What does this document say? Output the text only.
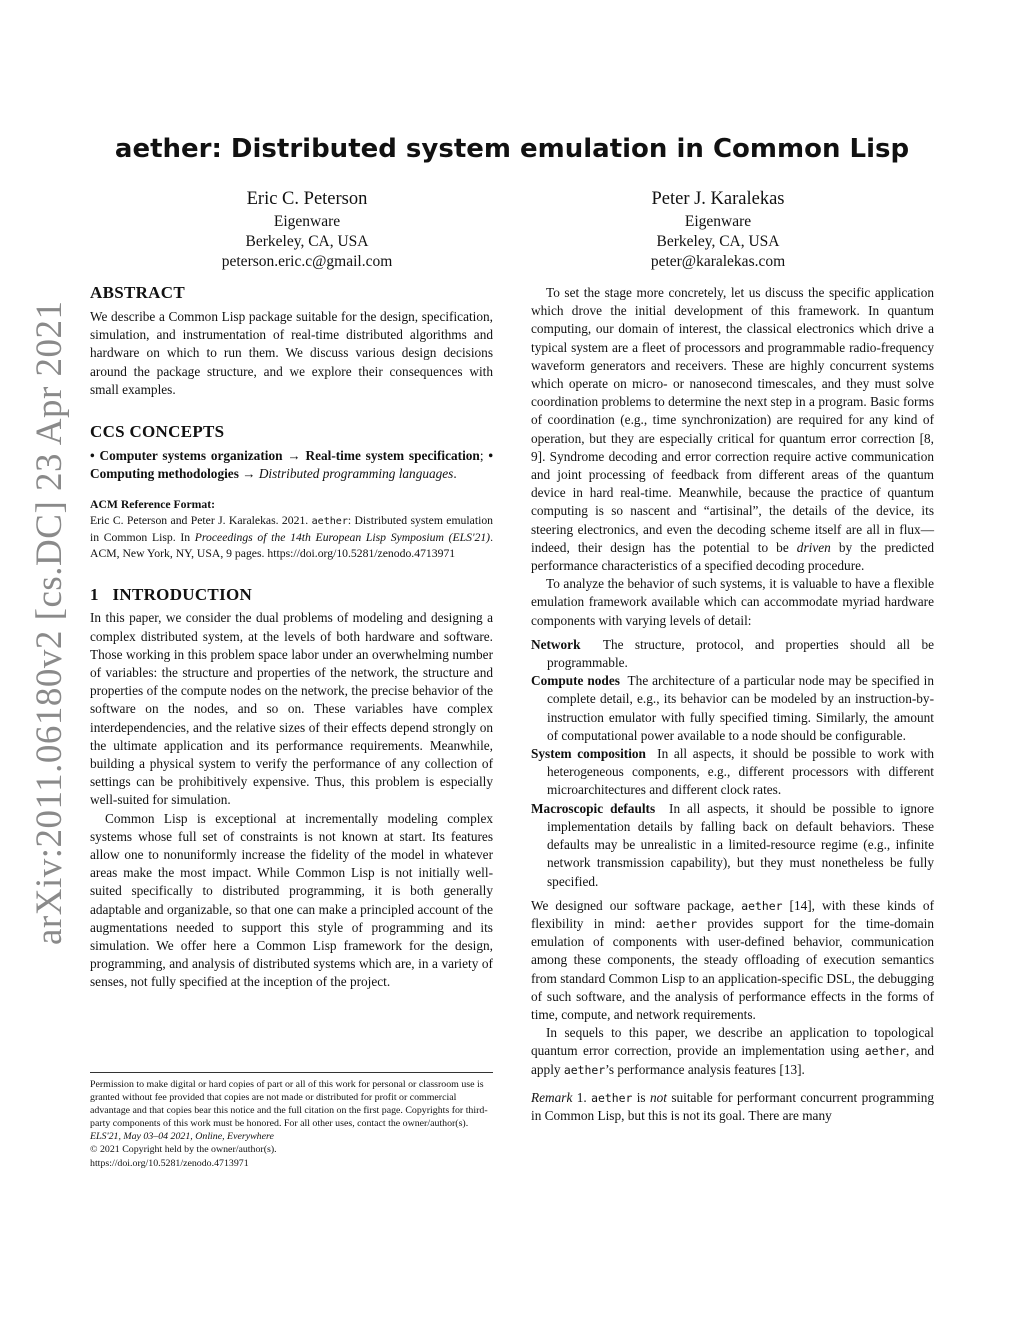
arXiv:2011.06180v2 [cs.DC] 23 Apr 2021
aether: Distributed system emulation in Common Lisp
Eric C. Peterson
Eigenware
Berkeley, CA, USA
peterson.eric.c@gmail.com
Peter J. Karalekas
Eigenware
Berkeley, CA, USA
peter@karalekas.com
ABSTRACT

We describe a Common Lisp package suitable for the design, specification, simulation, and instrumentation of real-time distributed algorithms and hardware on which to run them. We discuss various design decisions around the package structure, and we explore their consequences with small examples.

CCS CONCEPTS

• Computer systems organization → Real-time system specification; • Computing methodologies → Distributed programming languages.

ACM Reference Format:

Eric C. Peterson and Peter J. Karalekas. 2021. aether: Distributed system emulation in Common Lisp. In Proceedings of the 14th European Lisp Symposium (ELS'21). ACM, New York, NY, USA, 9 pages. https://doi.org/10.5281/zenodo.4713971

1 INTRODUCTION

In this paper, we consider the dual problems of modeling and designing a complex distributed system, at the levels of both hardware and software. Those working in this problem space labor under an overwhelming number of variables: the structure and properties of the network, the structure and properties of the compute nodes on the network, the precise behavior of the software on the nodes, and so on. These variables have complex interdependencies, and the relative sizes of their effects depend strongly on the ultimate application and its performance requirements. Meanwhile, building a physical system to verify the performance of any collection of settings can be prohibitively expensive. Thus, this problem is especially well-suited for simulation.

Common Lisp is exceptional at incrementally modeling complex systems whose full set of constraints is not known at start. Its features allow one to nonuniformly increase the fidelity of the model in whatever areas make the most impact. While Common Lisp is not initially well-suited specifically to distributed programming, it is both generally adaptable and organizable, so that one can make a principled account of the augmentations needed to support this style of programming and its simulation. We offer here a Common Lisp framework for the design, programming, and analysis of distributed systems which are, in a variety of senses, not fully specified at the inception of the project.

Permission to make digital or hard copies of part or all of this work for personal or classroom use is granted without fee provided that copies are not made or distributed for profit or commercial advantage and that copies bear this notice and the full citation on the first page. Copyrights for third-party components of this work must be honored. For all other uses, contact the owner/author(s).

ELS'21, May 03–04 2021, Online, Everywhere

© 2021 Copyright held by the owner/author(s).

https://doi.org/10.5281/zenodo.4713971

To set the stage more concretely, let us discuss the specific application which drove the initial development of this framework. In quantum computing, our domain of interest, the classical electronics which drive a typical system are a fleet of processors and programmable radio-frequency waveform generators and receivers. These are highly concurrent systems which operate on micro- or nanosecond timescales, and they must solve coordination problems to determine the next step in a program. Basic forms of coordination (e.g., time synchronization) are required for any kind of operation, but they are especially critical for quantum error correction [8, 9]. Syndrome decoding and error correction require active communication and joint processing of feedback from different areas of the quantum device in hard real-time. Meanwhile, because the practice of quantum computing is so nascent and “artisinal”, the details of the device, its steering electronics, and even the decoding scheme itself are all in flux—indeed, their design has the potential to be driven by the predicted performance characteristics of a specified decoding procedure.

To analyze the behavior of such systems, it is valuable to have a flexible emulation framework available which can accommodate myriad hardware components with varying levels of detail:

Network The structure, protocol, and properties should all be programmable.

Compute nodes The architecture of a particular node may be specified in complete detail, e.g., its behavior can be modeled by an instruction-by-instruction emulator with fully specified timing. Similarly, the amount of computational power available to a node should be configurable.

System composition In all aspects, it should be possible to work with heterogeneous components, e.g., different processors with different microarchitectures and different clock rates.

Macroscopic defaults In all aspects, it should be possible to ignore implementation details by falling back on default behaviors. These defaults may be unrealistic in a limited-resource regime (e.g., infinite network transmission capability), but they must nonetheless be fully specified.

We designed our software package, aether [14], with these kinds of flexibility in mind: aether provides support for the time-domain emulation of components with user-defined behavior, communication among these components, the steady offloading of execution semantics from standard Common Lisp to an application-specific DSL, the debugging of such software, and the analysis of performance effects in the forms of time, compute, and network requirements.

In sequels to this paper, we describe an application to topological quantum error correction, provide an implementation using aether, and apply aether’s performance analysis features [13].

Remark 1. aether is not suitable for performant concurrent programming in Common Lisp, but this is not its goal. There are many
